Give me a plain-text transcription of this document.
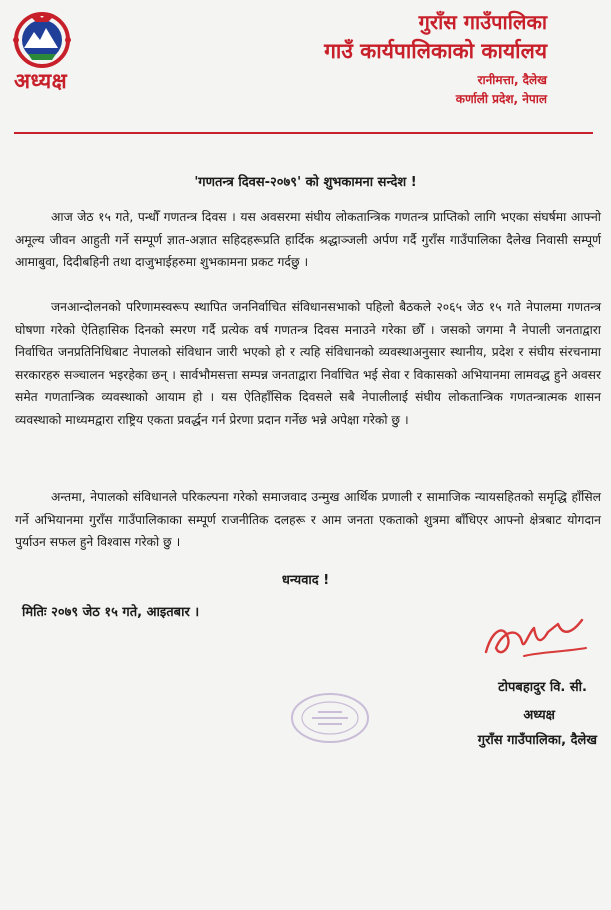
अध्यक्ष
गुराँस गाउँपालिका
गाउँ कार्यपालिकाको कार्यालय
रानीमत्ता, दैलेख
कर्णाली प्रदेश, नेपाल
'गणतन्त्र दिवस-२०७९' को शुभकामना सन्देश !

आज जेठ १५ गते, पन्धौँ गणतन्त्र दिवस । यस अवसरमा संघीय लोकतान्त्रिक गणतन्त्र प्राप्तिको लागि भएका संघर्षमा आफ्नो अमूल्य जीवन आहुती गर्ने सम्पूर्ण ज्ञात-अज्ञात सहिदहरूप्रति हार्दिक श्रद्धाञ्जली अर्पण गर्दै गुराँस गाउँपालिका दैलेख निवासी सम्पूर्ण आमाबुवा, दिदीबहिनी तथा दाजुभाईहरुमा शुभकामना प्रकट गर्दछु ।

जनआन्दोलनको परिणामस्वरूप स्थापित जननिर्वाचित संविधानसभाको पहिलो बैठकले २०६५ जेठ १५ गते नेपालमा गणतन्त्र घोषणा गरेको ऐतिहासिक दिनको स्मरण गर्दै प्रत्येक वर्ष गणतन्त्र दिवस मनाउने गरेका छौँ । जसको जगमा नै नेपाली जनताद्वारा निर्वाचित जनप्रतिनिधिबाट नेपालको संविधान जारी भएको हो र त्यहि संविधानको व्यवस्थाअनुसार स्थानीय, प्रदेश र संघीय संरचनामा सरकारहरु सञ्चालन भइरहेका छन् । सार्वभौमसत्ता सम्पन्न जनताद्वारा निर्वाचित भई सेवा र विकासको अभियानमा लामवद्ध हुने अवसर समेत गणतान्त्रिक व्यवस्थाको आयाम हो । यस ऐतिहाँसिक दिवसले सबै नेपालीलाई संघीय लोकतान्त्रिक गणतन्त्रात्मक शासन व्यवस्थाको माध्यमद्वारा राष्ट्रिय एकता प्रवर्द्धन गर्न प्रेरणा प्रदान गर्नेछ भन्ने अपेक्षा गरेको छु ।

अन्तमा, नेपालको संविधानले परिकल्पना गरेको समाजवाद उन्मुख आर्थिक प्रणाली र सामाजिक न्यायसहितको समृद्धि हाँसिल गर्ने अभियानमा गुराँस गाउँपालिकाका सम्पूर्ण राजनीतिक दलहरू र आम जनता एकताको शुत्रमा बाँधिएर आफ्नो क्षेत्रबाट योगदान पुर्याउन सफल हुने विश्वास गरेको छु ।

धन्यवाद !
मितिः २०७९ जेठ १५ गते, आइतबार ।
टोपबहादुर वि. सी.
अध्यक्ष
गुराँस गाउँपालिका, दैलेख
